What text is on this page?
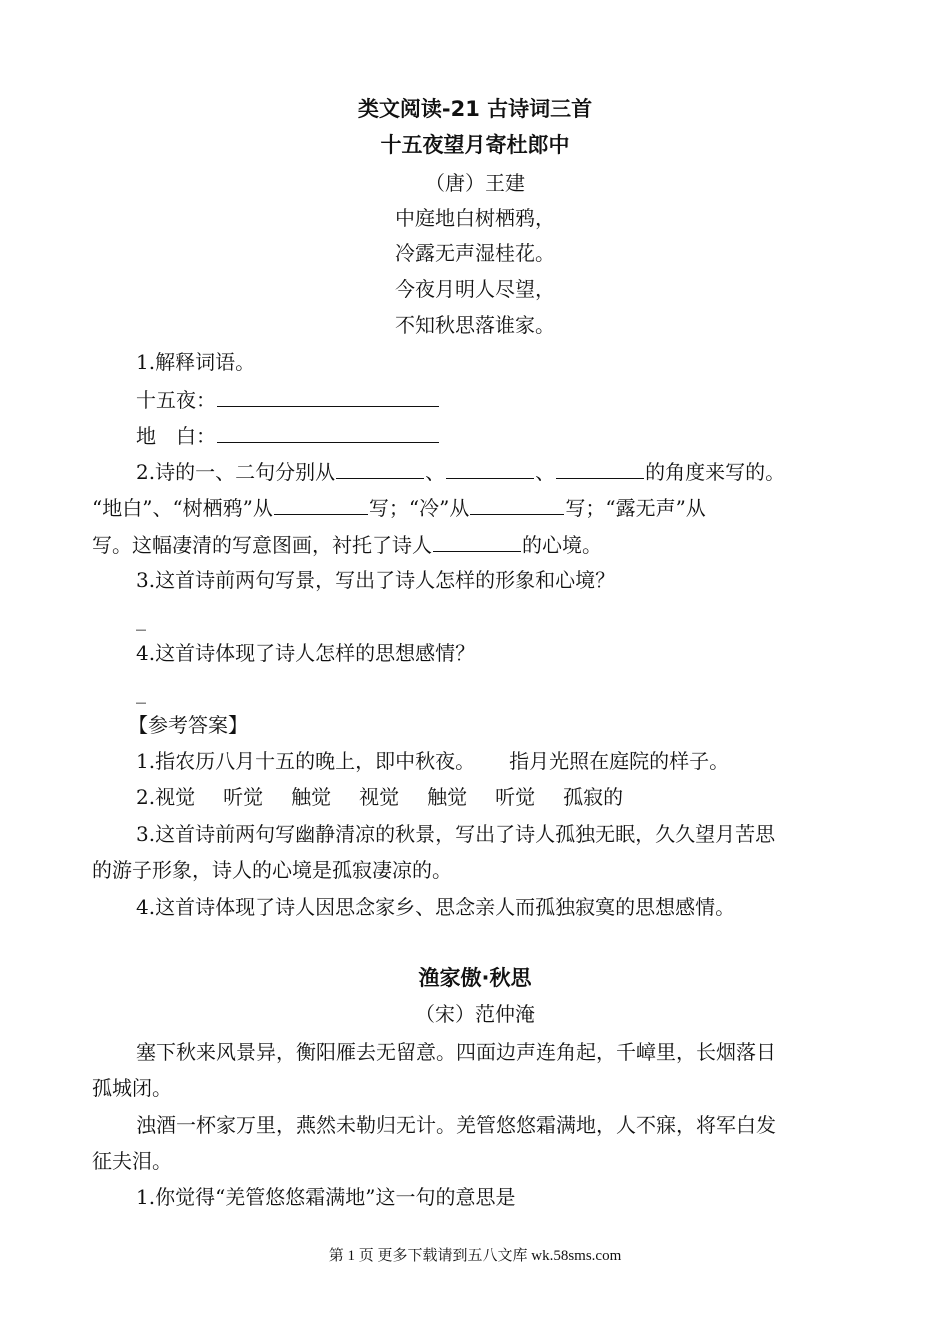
类文阅读-21 古诗词三首
十五夜望月寄杜郎中
（唐）王建
中庭地白树栖鸦，
冷露无声湿桂花。
今夜月明人尽望，
不知秋思落谁家。
1.解释词语。
十五夜：
地　白：
2.诗的一、二句分别从	、	、	的角度来写的。
“地白”、“树栖鸦”从	写；“冷”从	写；“露无声”从
写。这幅凄清的写意图画，衬托了诗人	的心境。
3.这首诗前两句写景，写出了诗人怎样的形象和心境？
_
4.这首诗体现了诗人怎样的思想感情？
_
【参考答案】
1.指农历八月十五的晚上，即中秋夜。 指月光照在庭院的样子。
2.视觉 听觉 触觉 视觉 触觉 听觉 孤寂的
3.这首诗前两句写幽静清凉的秋景，写出了诗人孤独无眠，久久望月苦思
的游子形象，诗人的心境是孤寂凄凉的。
4.这首诗体现了诗人因思念家乡、思念亲人而孤独寂寞的思想感情。
渔家傲·秋思
（宋）范仲淹
塞下秋来风景异，衡阳雁去无留意。四面边声连角起，千嶂里，长烟落日
孤城闭。
浊酒一杯家万里，燕然未勒归无计。羌管悠悠霜满地，人不寐，将军白发
征夫泪。
1.你觉得“羌管悠悠霜满地”这一句的意思是
第 1 页 更多下载请到五八文库 wk.58sms.com
